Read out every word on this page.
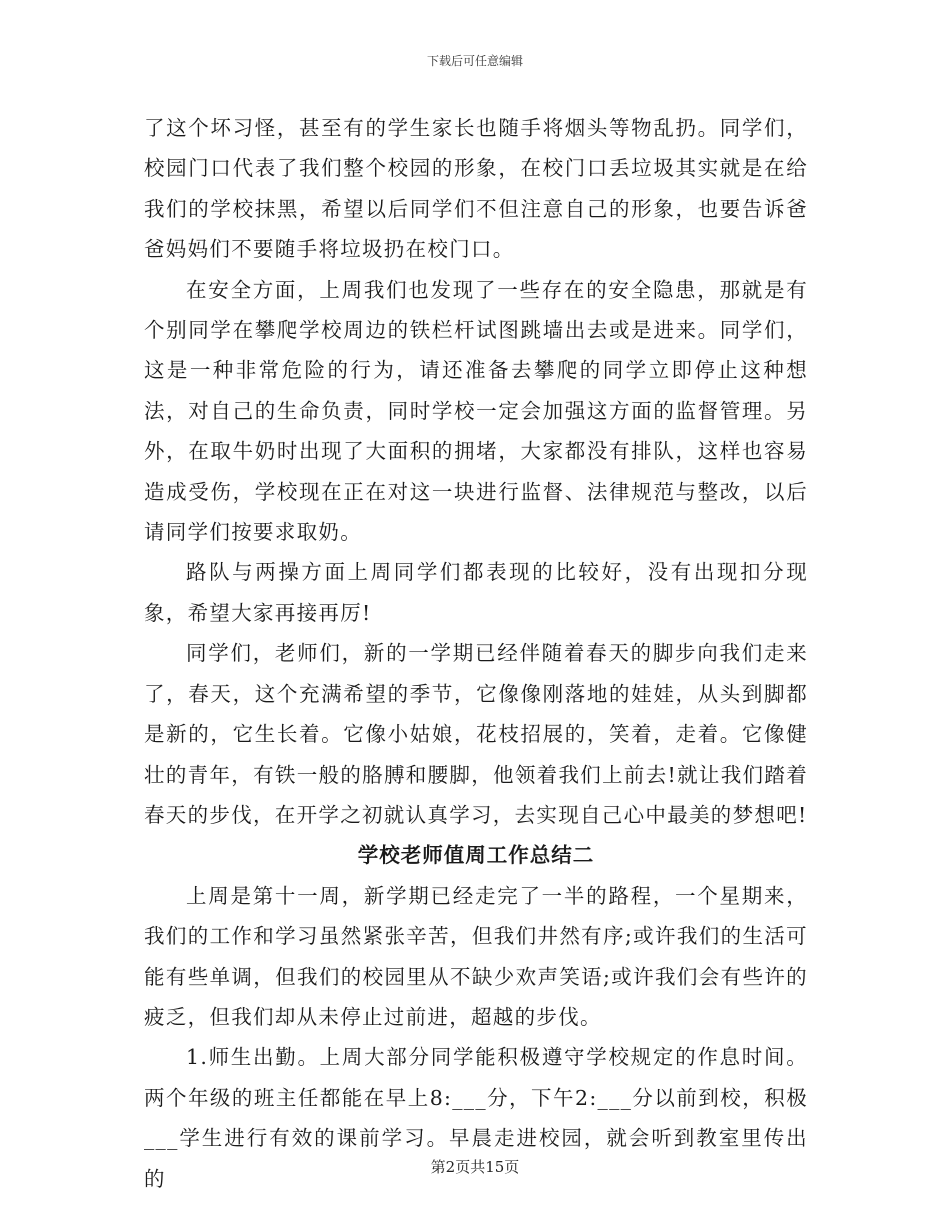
下载后可任意编辑

了这个坏习怪，甚至有的学生家长也随手将烟头等物乱扔。同学们，校园门口代表了我们整个校园的形象，在校门口丢垃圾其实就是在给我们的学校抹黑，希望以后同学们不但注意自己的形象，也要告诉爸爸妈妈们不要随手将垃圾扔在校门口。

在安全方面，上周我们也发现了一些存在的安全隐患，那就是有个别同学在攀爬学校周边的铁栏杆试图跳墙出去或是进来。同学们，这是一种非常危险的行为，请还准备去攀爬的同学立即停止这种想法，对自己的生命负责，同时学校一定会加强这方面的监督管理。另外，在取牛奶时出现了大面积的拥堵，大家都没有排队，这样也容易造成受伤，学校现在正在对这一块进行监督、法律规范与整改，以后请同学们按要求取奶。

路队与两操方面上周同学们都表现的比较好，没有出现扣分现象，希望大家再接再厉!

同学们，老师们，新的一学期已经伴随着春天的脚步向我们走来了，春天，这个充满希望的季节，它像像刚落地的娃娃，从头到脚都是新的，它生长着。它像小姑娘，花枝招展的，笑着，走着。它像健壮的青年，有铁一般的胳膊和腰脚，他领着我们上前去!就让我们踏着春天的步伐，在开学之初就认真学习，去实现自己心中最美的梦想吧!

学校老师值周工作总结二

上周是第十一周，新学期已经走完了一半的路程，一个星期来，我们的工作和学习虽然紧张辛苦，但我们井然有序;或许我们的生活可能有些单调，但我们的校园里从不缺少欢声笑语;或许我们会有些许的疲乏，但我们却从未停止过前进，超越的步伐。

1.师生出勤。上周大部分同学能积极遵守学校规定的作息时间。两个年级的班主任都能在早上8:___分，下午2:___分以前到校，积极___学生进行有效的课前学习。早晨走进校园，就会听到教室里传出的	第2页共15页
